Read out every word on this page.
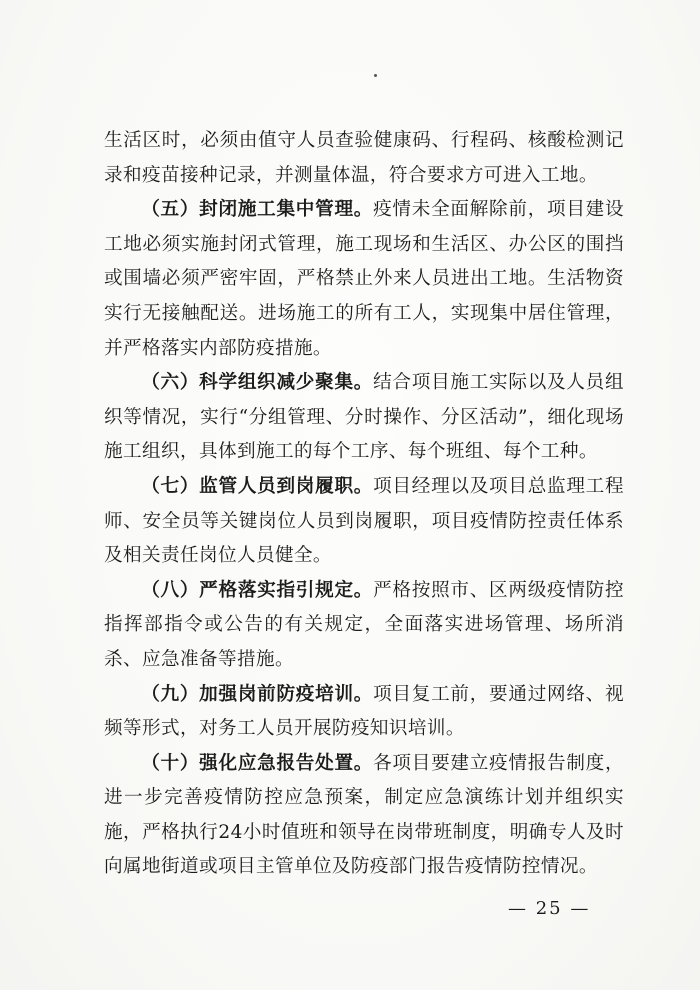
生活区时，必须由值守人员查验健康码、行程码、核酸检测记录和疫苗接种记录，并测量体温，符合要求方可进入工地。

（五）封闭施工集中管理。疫情未全面解除前，项目建设工地必须实施封闭式管理，施工现场和生活区、办公区的围挡或围墙必须严密牢固，严格禁止外来人员进出工地。生活物资实行无接触配送。进场施工的所有工人，实现集中居住管理，并严格落实内部防疫措施。

（六）科学组织减少聚集。结合项目施工实际以及人员组织等情况，实行“分组管理、分时操作、分区活动”，细化现场施工组织，具体到施工的每个工序、每个班组、每个工种。

（七）监管人员到岗履职。项目经理以及项目总监理工程师、安全员等关键岗位人员到岗履职，项目疫情防控责任体系及相关责任岗位人员健全。

（八）严格落实指引规定。严格按照市、区两级疫情防控指挥部指令或公告的有关规定，全面落实进场管理、场所消杀、应急准备等措施。

（九）加强岗前防疫培训。项目复工前，要通过网络、视频等形式，对务工人员开展防疫知识培训。

（十）强化应急报告处置。各项目要建立疫情报告制度，进一步完善疫情防控应急预案，制定应急演练计划并组织实施，严格执行24小时值班和领导在岗带班制度，明确专人及时向属地街道或项目主管单位及防疫部门报告疫情防控情况。

— 25 —
